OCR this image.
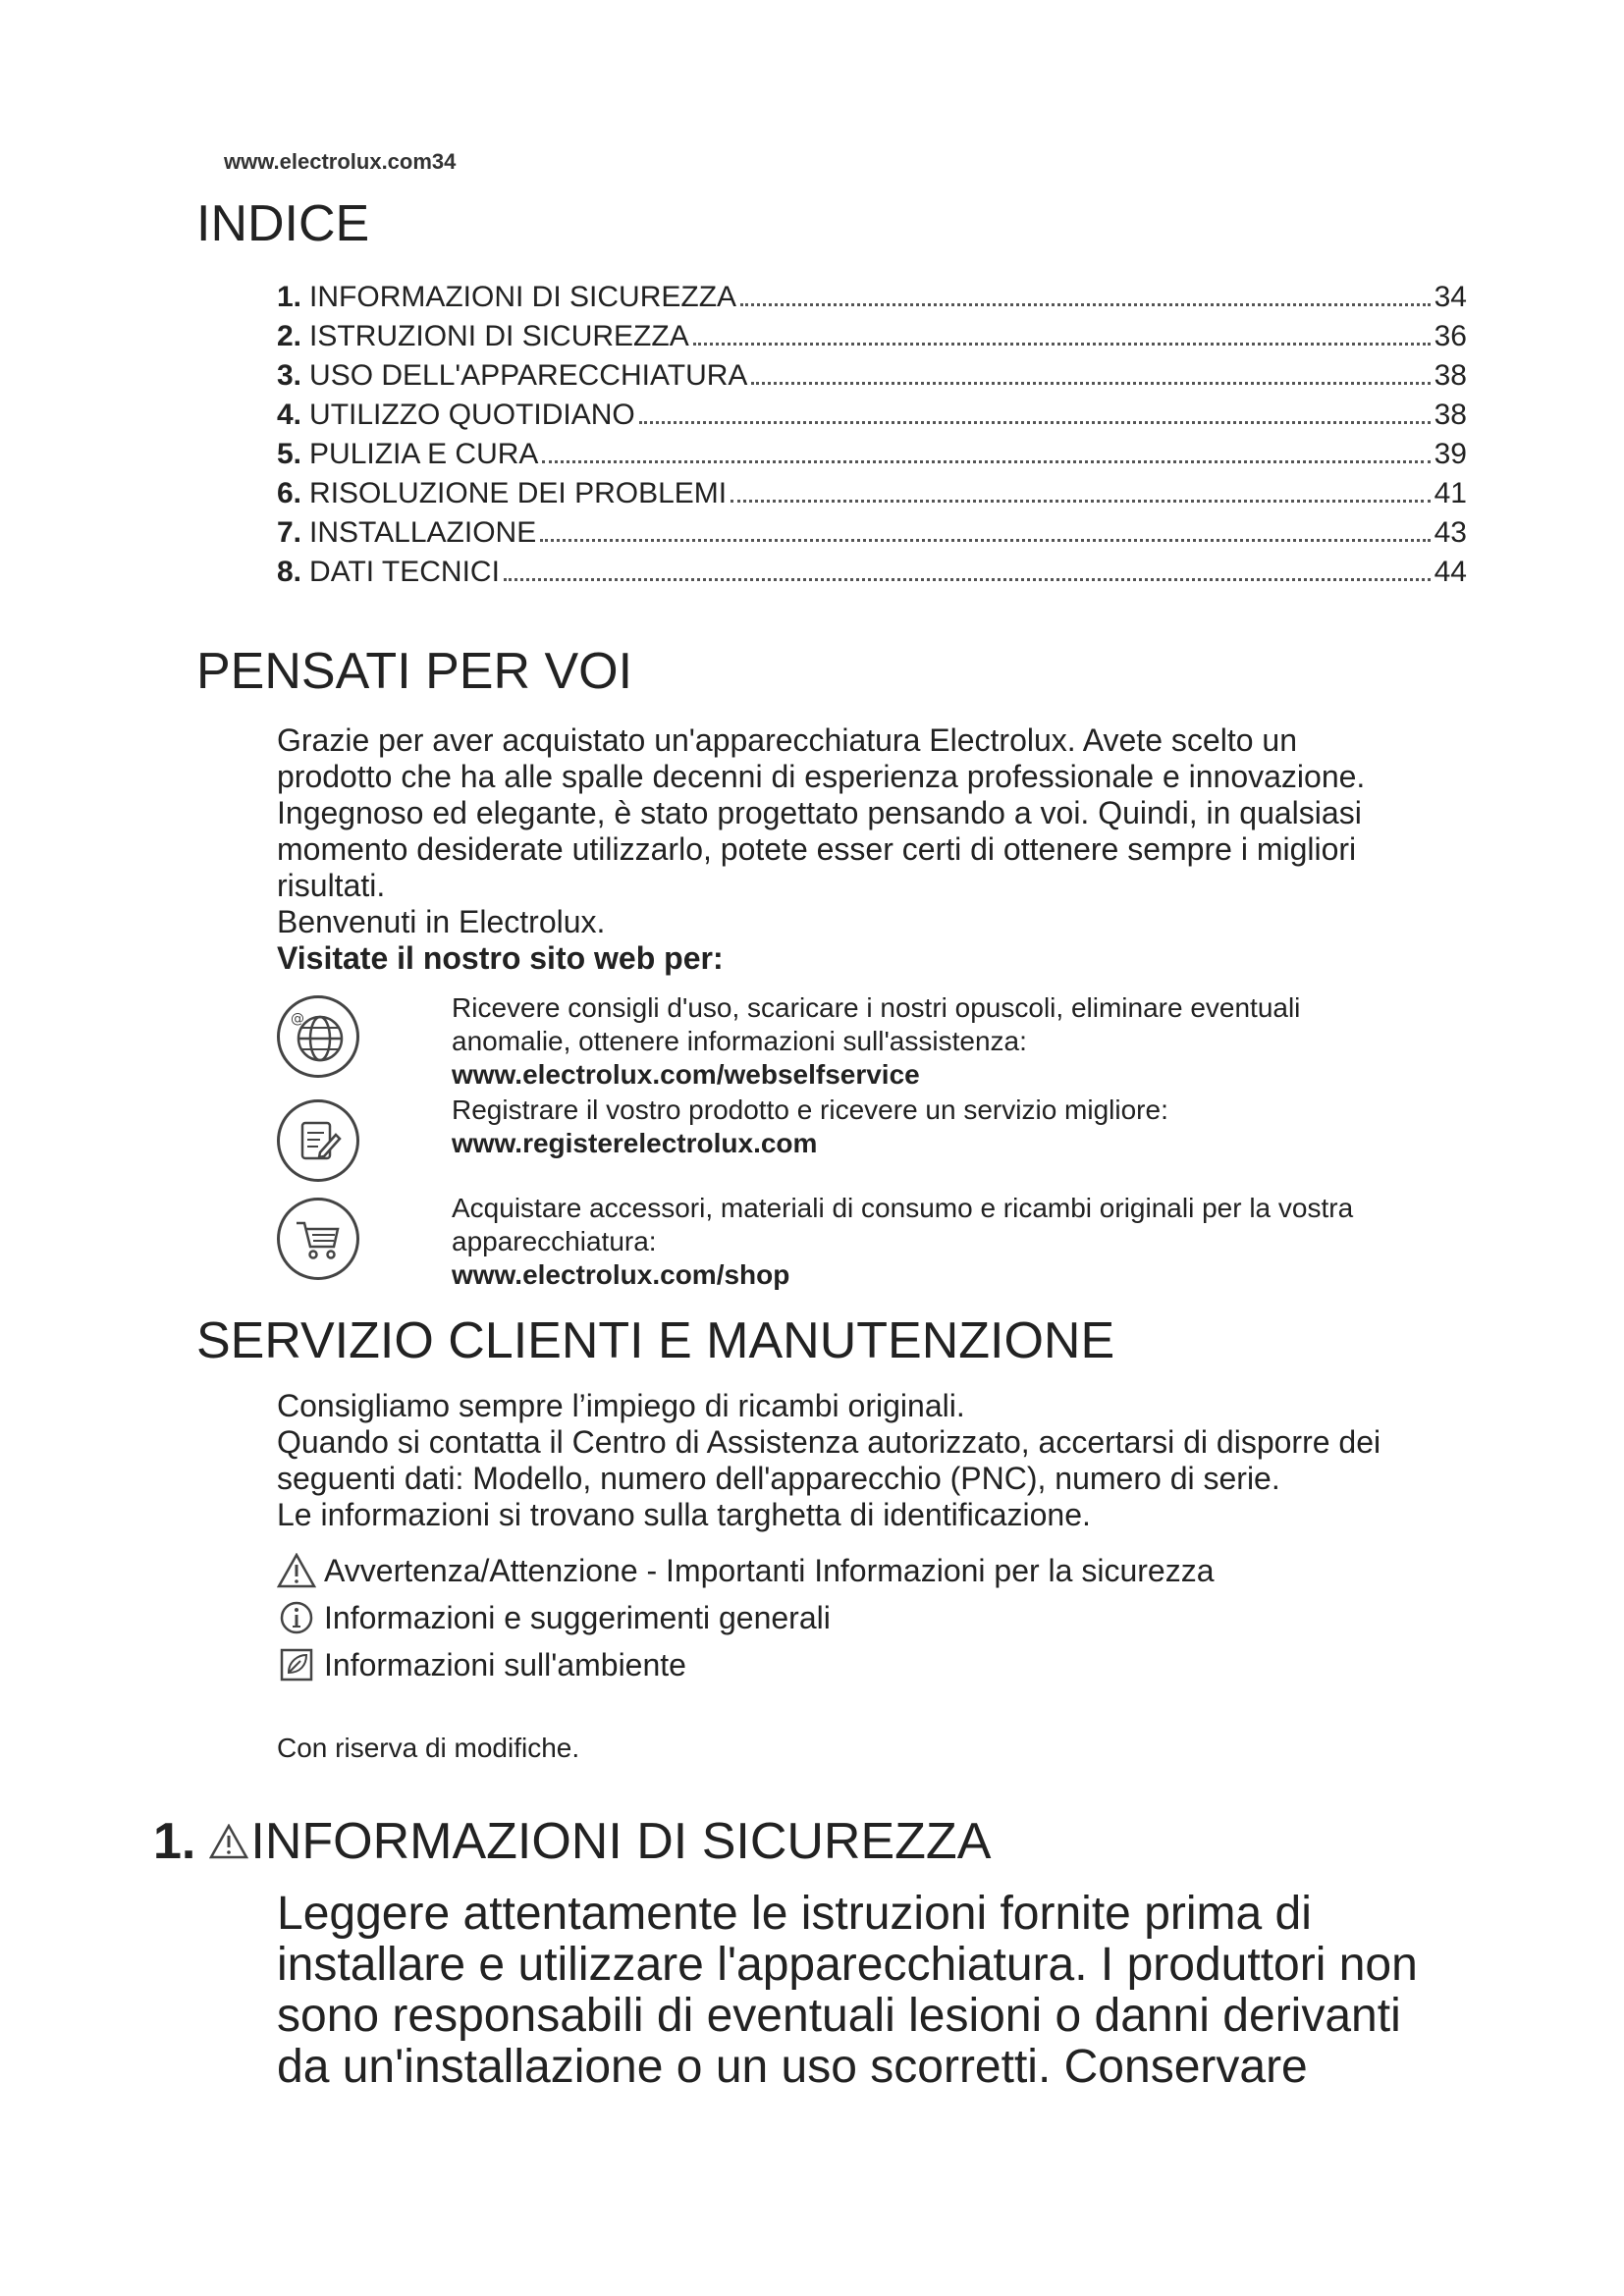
www.electrolux.com34
INDICE
1. INFORMAZIONI DI SICUREZZA	34
2. ISTRUZIONI DI SICUREZZA	36
3. USO DELL'APPARECCHIATURA	38
4. UTILIZZO QUOTIDIANO	38
5. PULIZIA E CURA	39
6. RISOLUZIONE DEI PROBLEMI	41
7. INSTALLAZIONE	43
8. DATI TECNICI	44
PENSATI PER VOI
Grazie per aver acquistato un'apparecchiatura Electrolux. Avete scelto un
prodotto che ha alle spalle decenni di esperienza professionale e innovazione.
Ingegnoso ed elegante, è stato progettato pensando a voi. Quindi, in qualsiasi
momento desiderate utilizzarlo, potete esser certi di ottenere sempre i migliori
risultati.
Benvenuti in Electrolux.
Visitate il nostro sito web per:
@	Ricevere consigli d'uso, scaricare i nostri opuscoli, eliminare eventuali
anomalie, ottenere informazioni sull'assistenza:
www.electrolux.com/webselfservice
Registrare il vostro prodotto e ricevere un servizio migliore:
www.registerelectrolux.com
Acquistare accessori, materiali di consumo e ricambi originali per la vostra
apparecchiatura:
www.electrolux.com/shop
SERVIZIO CLIENTI E MANUTENZIONE
Consigliamo sempre l’impiego di ricambi originali.
Quando si contatta il Centro di Assistenza autorizzato, accertarsi di disporre dei
seguenti dati: Modello, numero dell'apparecchio (PNC), numero di serie.
Le informazioni si trovano sulla targhetta di identificazione.
Avvertenza/Attenzione - Importanti Informazioni per la sicurezza
Informazioni e suggerimenti generali
Informazioni sull'ambiente
Con riserva di modifiche.
1. INFORMAZIONI DI SICUREZZA
Leggere attentamente le istruzioni fornite prima di
installare e utilizzare l'apparecchiatura. I produttori non
sono responsabili di eventuali lesioni o danni derivanti
da un'installazione o un uso scorretti. Conservare
